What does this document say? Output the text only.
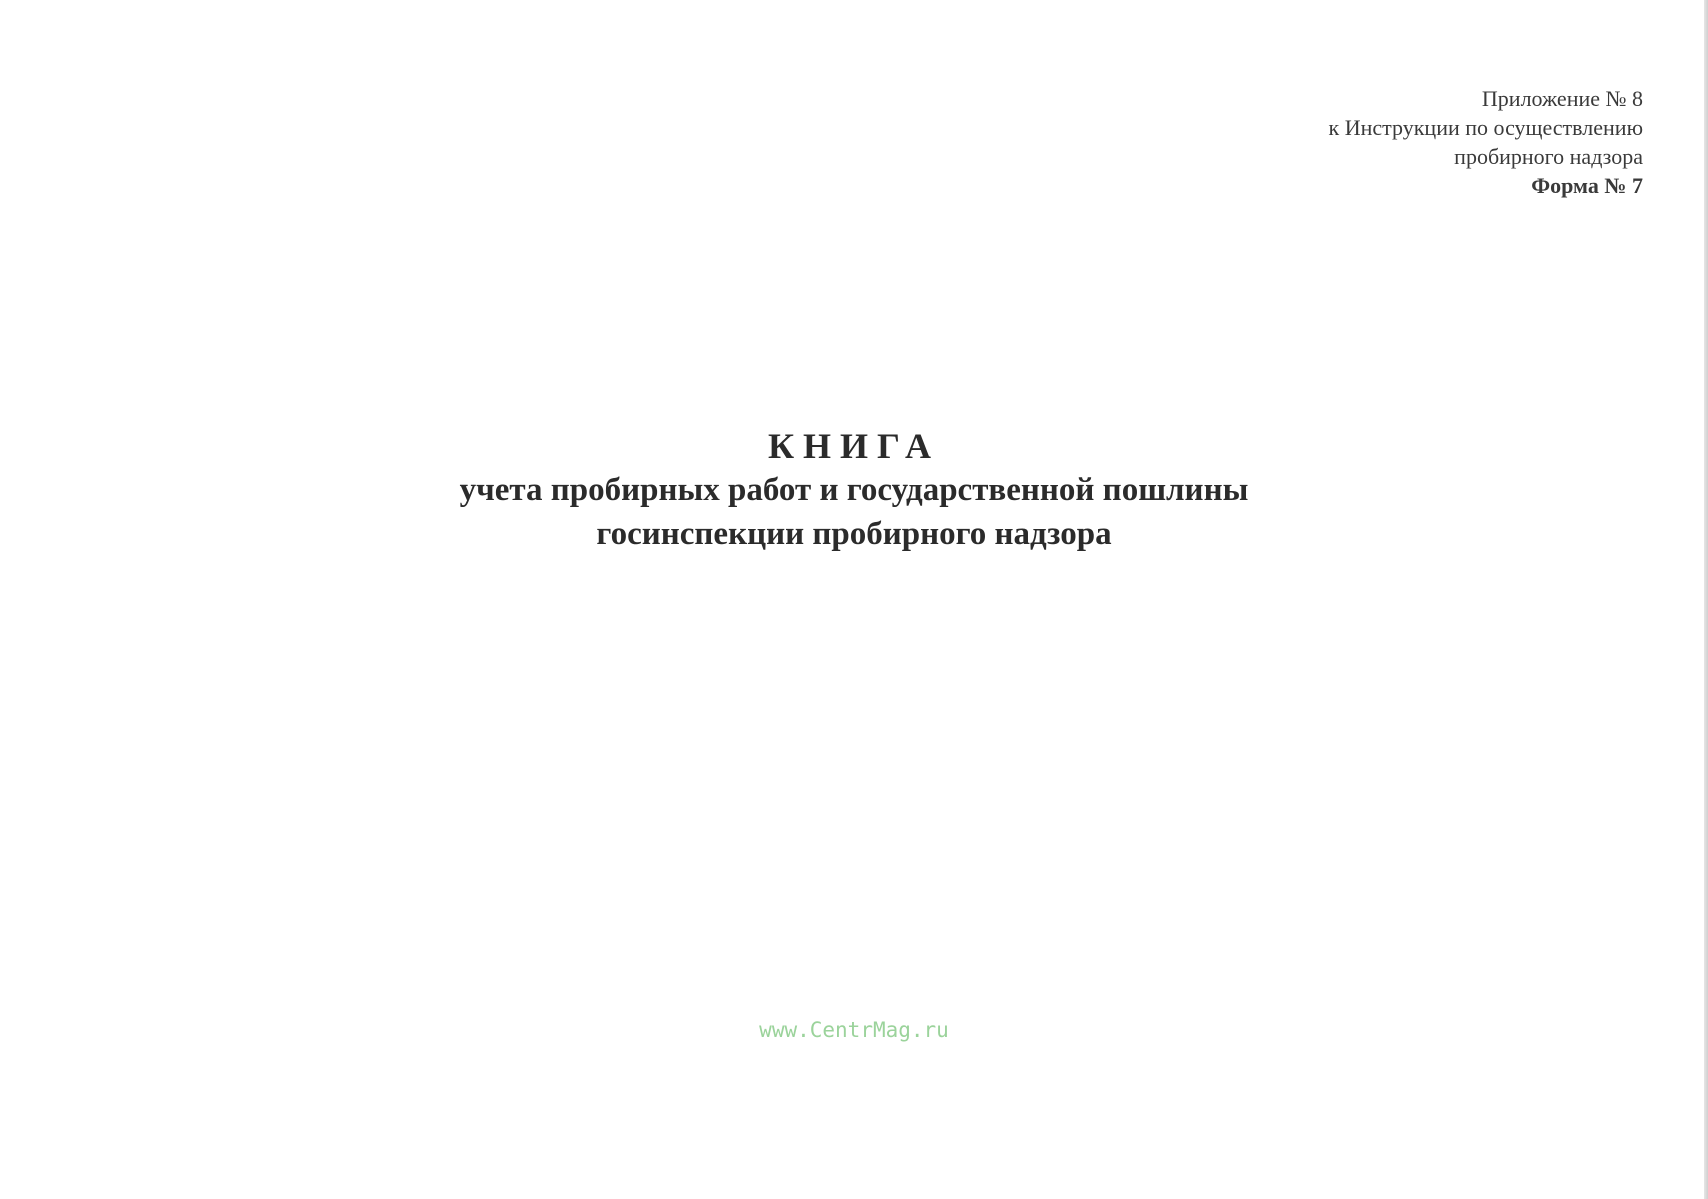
Приложение № 8
к Инструкции по осуществлению
пробирного надзора
Форма № 7
КНИГА
учета пробирных работ и государственной пошлины
госинспекции пробирного надзора
www.CentrMag.ru
